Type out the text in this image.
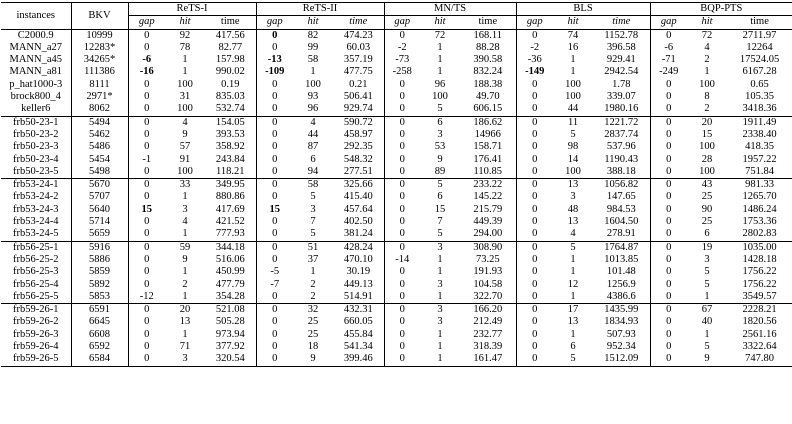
instances	BKV	ReTS-I			ReTS-II			MN/TS			BLS			BQP-PTS		
		gap	hit	time	gap	hit	time	gap	hit	time	gap	hit	time	gap	hit	time
C2000.9	10999	0	92	417.56	0	82	474.23	0	72	168.11	0	74	1152.78	0	72	2711.97
MANN_a27	12283*	0	78	82.77	0	99	60.03	-2	1	88.28	-2	16	396.58	-6	4	12264
MANN_a45	34265*	-6	1	157.98	-13	58	357.19	-73	1	390.58	-36	1	929.41	-71	2	17524.05
MANN_a81	111386	-16	1	990.02	-109	1	477.75	-258	1	832.24	-149	1	2942.54	-249	1	6167.28
p_hat1000-3	8111	0	100	0.19	0	100	0.21	0	96	188.38	0	100	1.78	0	100	0.65
brock800_4	2971*	0	31	835.03	0	93	506.41	0	100	49.70	0	100	339.07	0	8	105.35
keller6	8062	0	100	532.74	0	96	929.74	0	5	606.15	0	44	1980.16	0	2	3418.36
frb50-23-1	5494	0	4	154.05	0	4	590.72	0	6	186.62	0	11	1221.72	0	20	1911.49
frb50-23-2	5462	0	9	393.53	0	44	458.97	0	3	14966	0	5	2837.74	0	15	2338.40
frb50-23-3	5486	0	57	358.92	0	87	292.35	0	53	158.71	0	98	537.96	0	100	418.35
frb50-23-4	5454	-1	91	243.84	0	6	548.32	0	9	176.41	0	14	1190.43	0	28	1957.22
frb50-23-5	5498	0	100	118.21	0	94	277.51	0	89	110.85	0	100	388.18	0	100	751.84
frb53-24-1	5670	0	33	349.95	0	58	325.66	0	5	233.22	0	13	1056.82	0	43	981.33
frb53-24-2	5707	0	1	880.86	0	5	415.40	0	6	145.22	0	3	147.65	0	25	1265.70
frb53-24-3	5640	15	3	417.69	15	3	457.64	0	15	215.79	0	48	984.53	0	90	1486.24
frb53-24-4	5714	0	4	421.52	0	7	402.50	0	7	449.39	0	13	1604.50	0	25	1753.36
frb53-24-5	5659	0	1	777.93	0	5	381.24	0	5	294.00	0	4	278.91	0	6	2802.83
frb56-25-1	5916	0	59	344.18	0	51	428.24	0	3	308.90	0	5	1764.87	0	19	1035.00
frb56-25-2	5886	0	9	516.06	0	37	470.10	-14	1	73.25	0	1	1013.85	0	3	1428.18
frb56-25-3	5859	0	1	450.99	-5	1	30.19	0	1	191.93	0	1	101.48	0	5	1756.22
frb56-25-4	5892	0	2	477.79	-7	2	449.13	0	3	104.58	0	12	1256.9	0	5	1756.22
frb56-25-5	5853	-12	1	354.28	0	2	514.91	0	1	322.70	0	1	4386.6	0	1	3549.57
frb59-26-1	6591	0	20	521.08	0	32	432.31	0	3	166.20	0	17	1435.99	0	67	2228.21
frb59-26-2	6645	0	13	505.28	0	25	660.05	0	3	212.49	0	13	1834.93	0	40	1820.56
frb59-26-3	6608	0	1	973.94	0	25	455.84	0	1	232.77	0	1	507.93	0	1	2561.16
frb59-26-4	6592	0	71	377.92	0	18	541.34	0	1	318.39	0	6	952.34	0	5	3322.64
frb59-26-5	6584	0	3	320.54	0	9	399.46	0	1	161.47	0	5	1512.09	0	9	747.80
